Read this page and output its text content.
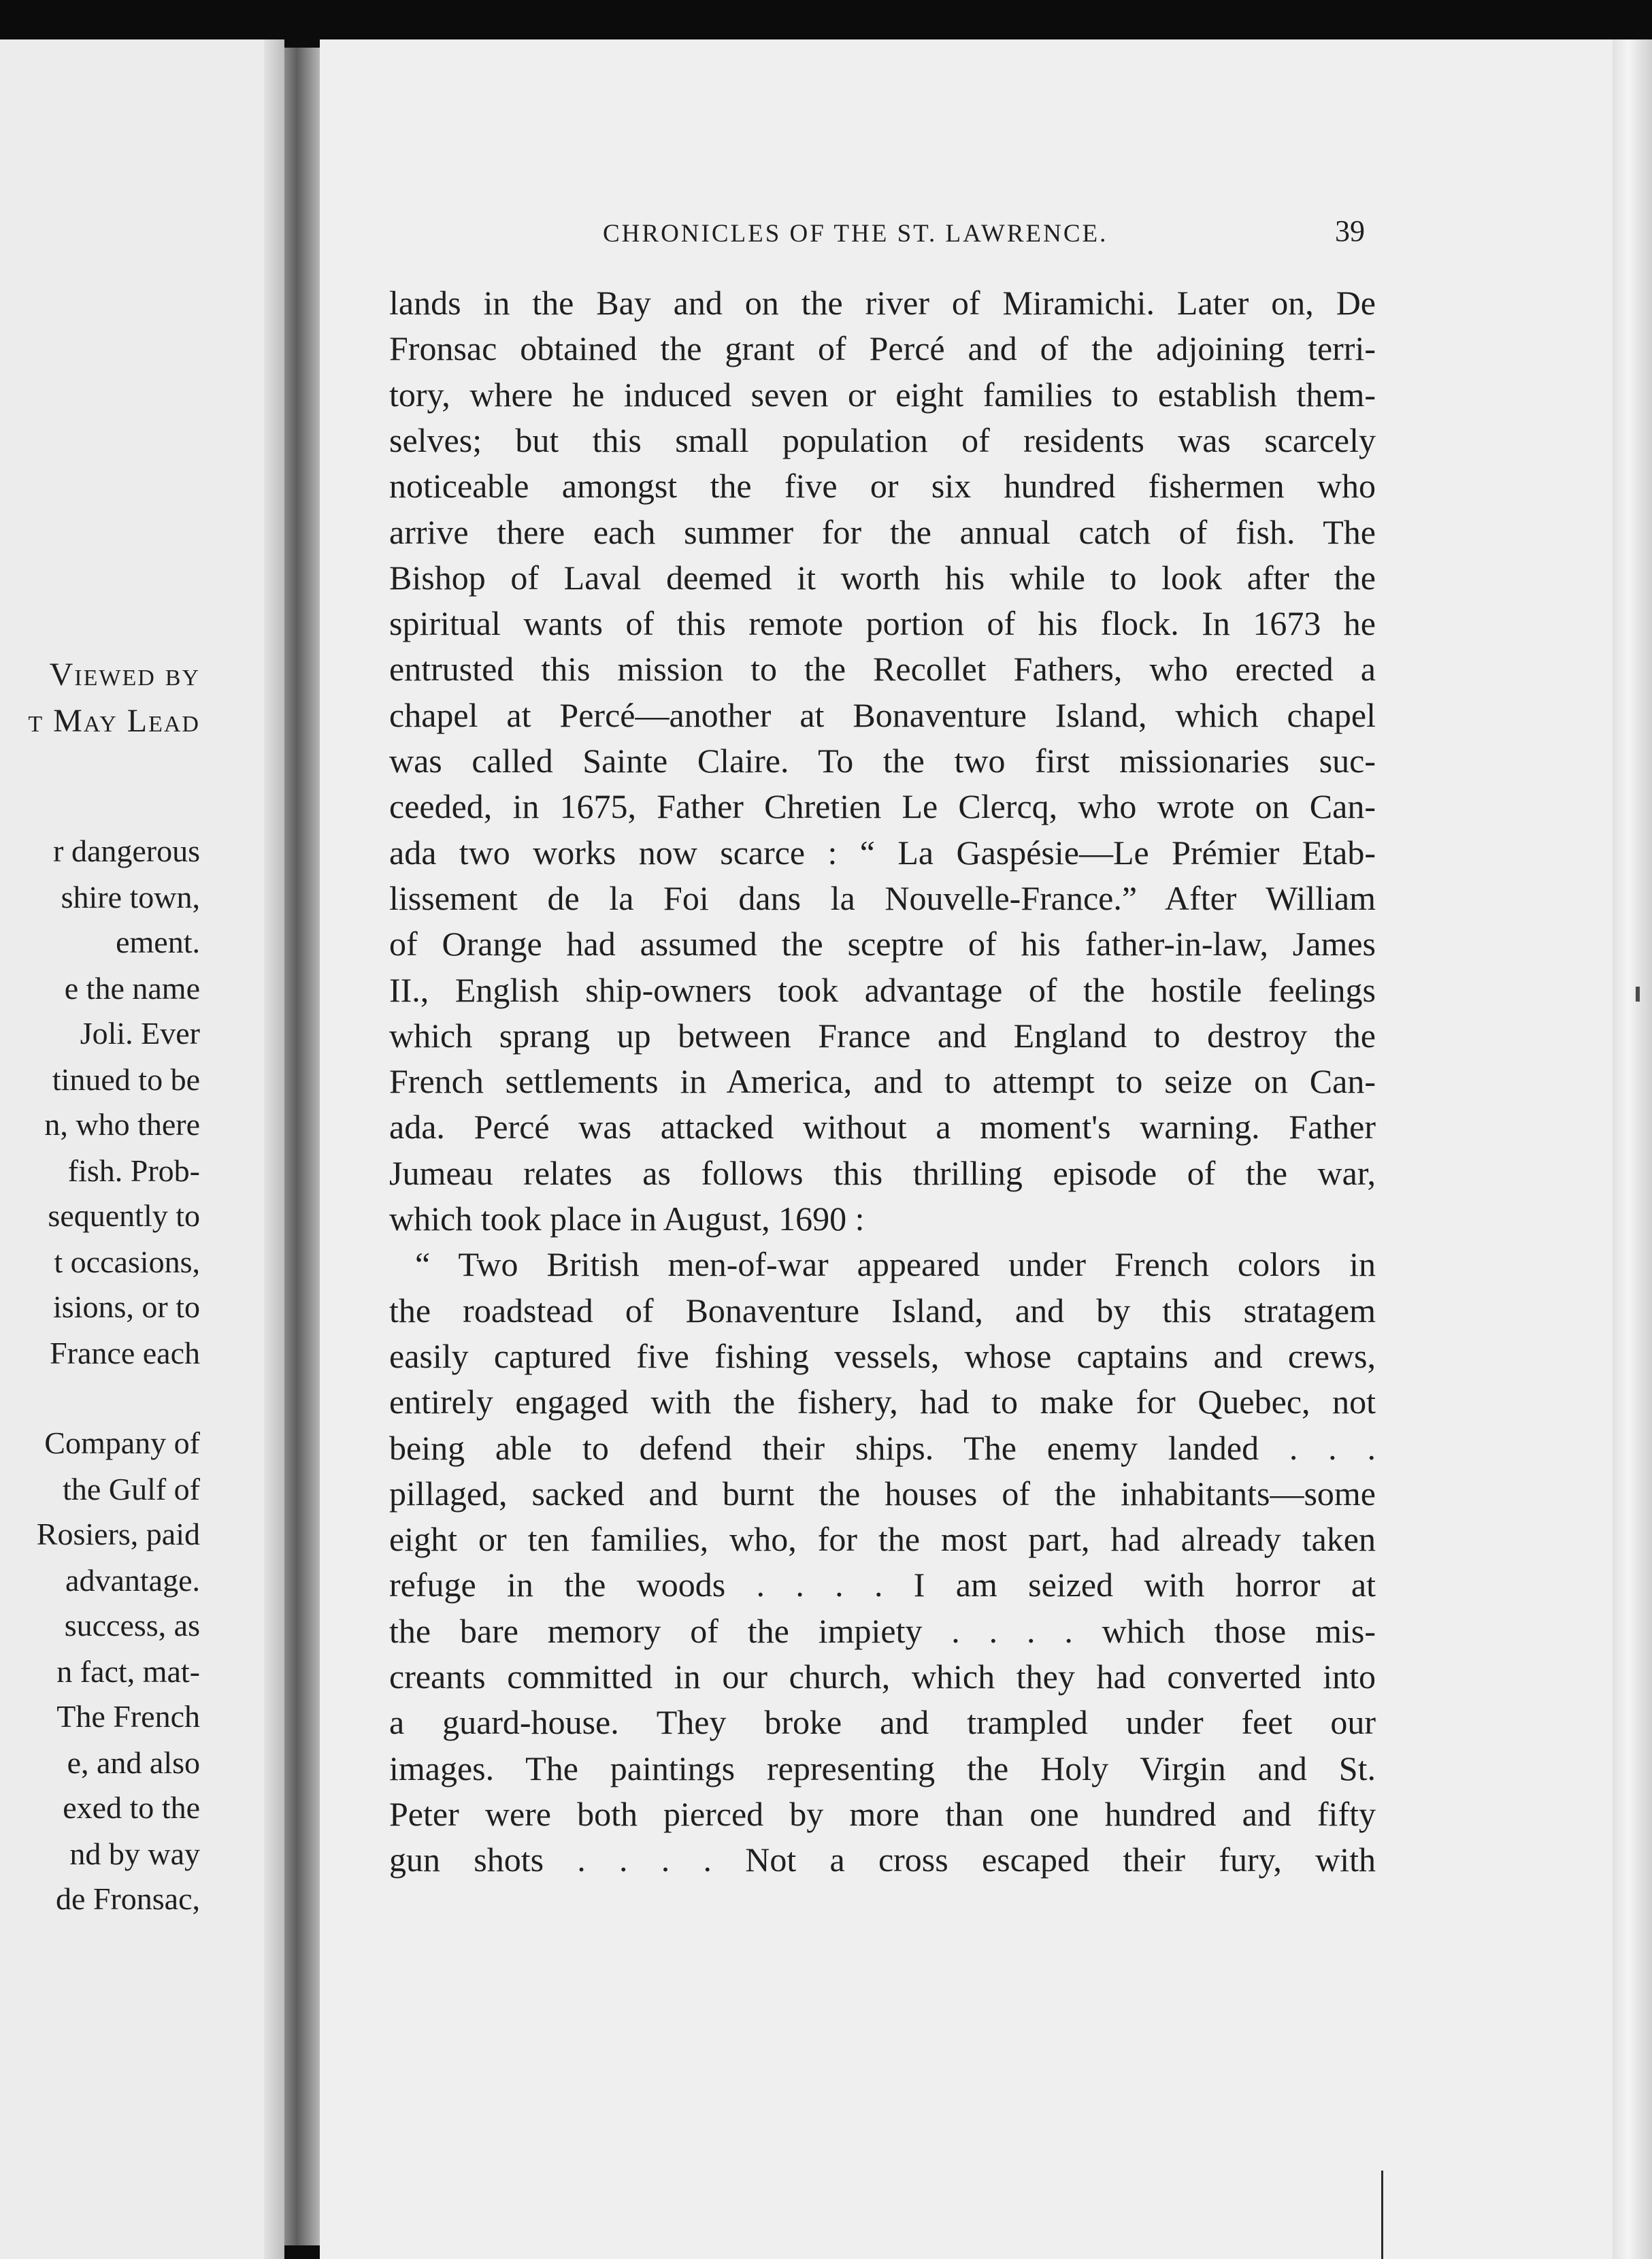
Viewed by
t May Lead
r dangerous
shire town,
ement.
e the name
Joli. Ever
tinued to be
n, who there
fish. Prob-
sequently to
t occasions,
isions, or to
France each
Company of
the Gulf of
Rosiers, paid
advantage.
success, as
n fact, mat-
The French
e, and also
exed to the
nd by way
de Fronsac,
CHRONICLES OF THE ST. LAWRENCE.	39
lands in the Bay and on the river of Miramichi. Later on, De
Fronsac obtained the grant of Percé and of the adjoining terri-
tory, where he induced seven or eight families to establish them-
selves; but this small population of residents was scarcely
noticeable amongst the five or six hundred fishermen who
arrive there each summer for the annual catch of fish. The
Bishop of Laval deemed it worth his while to look after the
spiritual wants of this remote portion of his flock. In 1673 he
entrusted this mission to the Recollet Fathers, who erected a
chapel at Percé—another at Bonaventure Island, which chapel
was called Sainte Claire. To the two first missionaries suc-
ceeded, in 1675, Father Chretien Le Clercq, who wrote on Can-
ada two works now scarce : “ La Gaspésie—Le Prémier Etab-
lissement de la Foi dans la Nouvelle-France.” After William
of Orange had assumed the sceptre of his father-in-law, James
II., English ship-owners took advantage of the hostile feelings
which sprang up between France and England to destroy the
French settlements in America, and to attempt to seize on Can-
ada. Percé was attacked without a moment's warning. Father
Jumeau relates as follows this thrilling episode of the war,
which took place in August, 1690 :
“ Two British men-of-war appeared under French colors in
the roadstead of Bonaventure Island, and by this stratagem
easily captured five fishing vessels, whose captains and crews,
entirely engaged with the fishery, had to make for Quebec, not
being able to defend their ships. The enemy landed . . .
pillaged, sacked and burnt the houses of the inhabitants—some
eight or ten families, who, for the most part, had already taken
refuge in the woods . . . . I am seized with horror at
the bare memory of the impiety . . . . which those mis-
creants committed in our church, which they had converted into
a guard-house. They broke and trampled under feet our
images. The paintings representing the Holy Virgin and St.
Peter were both pierced by more than one hundred and fifty
gun shots . . . . Not a cross escaped their fury, with
